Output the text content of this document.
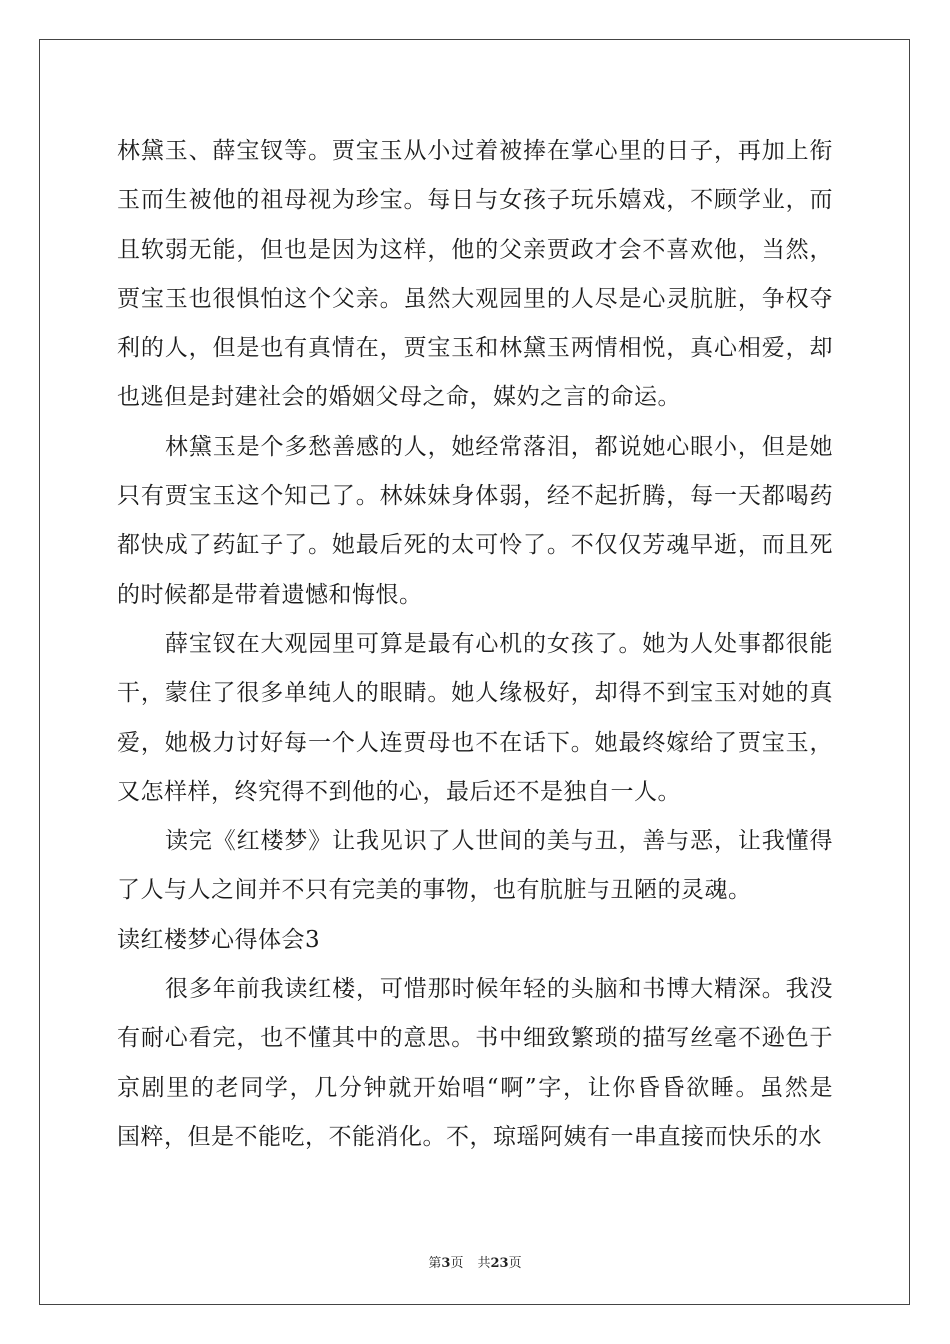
林黛玉、薛宝钗等。贾宝玉从小过着被捧在掌心里的日子，再加上衔
玉而生被他的祖母视为珍宝。每日与女孩子玩乐嬉戏，不顾学业，而
且软弱无能，但也是因为这样，他的父亲贾政才会不喜欢他，当然，
贾宝玉也很惧怕这个父亲。虽然大观园里的人尽是心灵肮脏，争权夺
利的人，但是也有真情在，贾宝玉和林黛玉两情相悦，真心相爱，却
也逃但是封建社会的婚姻父母之命，媒妁之言的命运。
林黛玉是个多愁善感的人，她经常落泪，都说她心眼小，但是她
只有贾宝玉这个知己了。林妹妹身体弱，经不起折腾，每一天都喝药
都快成了药缸子了。她最后死的太可怜了。不仅仅芳魂早逝，而且死
的时候都是带着遗憾和悔恨。
薛宝钗在大观园里可算是最有心机的女孩了。她为人处事都很能
干，蒙住了很多单纯人的眼睛。她人缘极好，却得不到宝玉对她的真
爱，她极力讨好每一个人连贾母也不在话下。她最终嫁给了贾宝玉，
又怎样样，终究得不到他的心，最后还不是独自一人。
读完《红楼梦》让我见识了人世间的美与丑，善与恶，让我懂得
了人与人之间并不只有完美的事物，也有肮脏与丑陋的灵魂。
读红楼梦心得体会3
很多年前我读红楼，可惜那时候年轻的头脑和书博大精深。我没
有耐心看完，也不懂其中的意思。书中细致繁琐的描写丝毫不逊色于
京剧里的老同学，几分钟就开始唱“啊”字，让你昏昏欲睡。虽然是
国粹，但是不能吃，不能消化。不，琼瑶阿姨有一串直接而快乐的水
第3页 共23页
